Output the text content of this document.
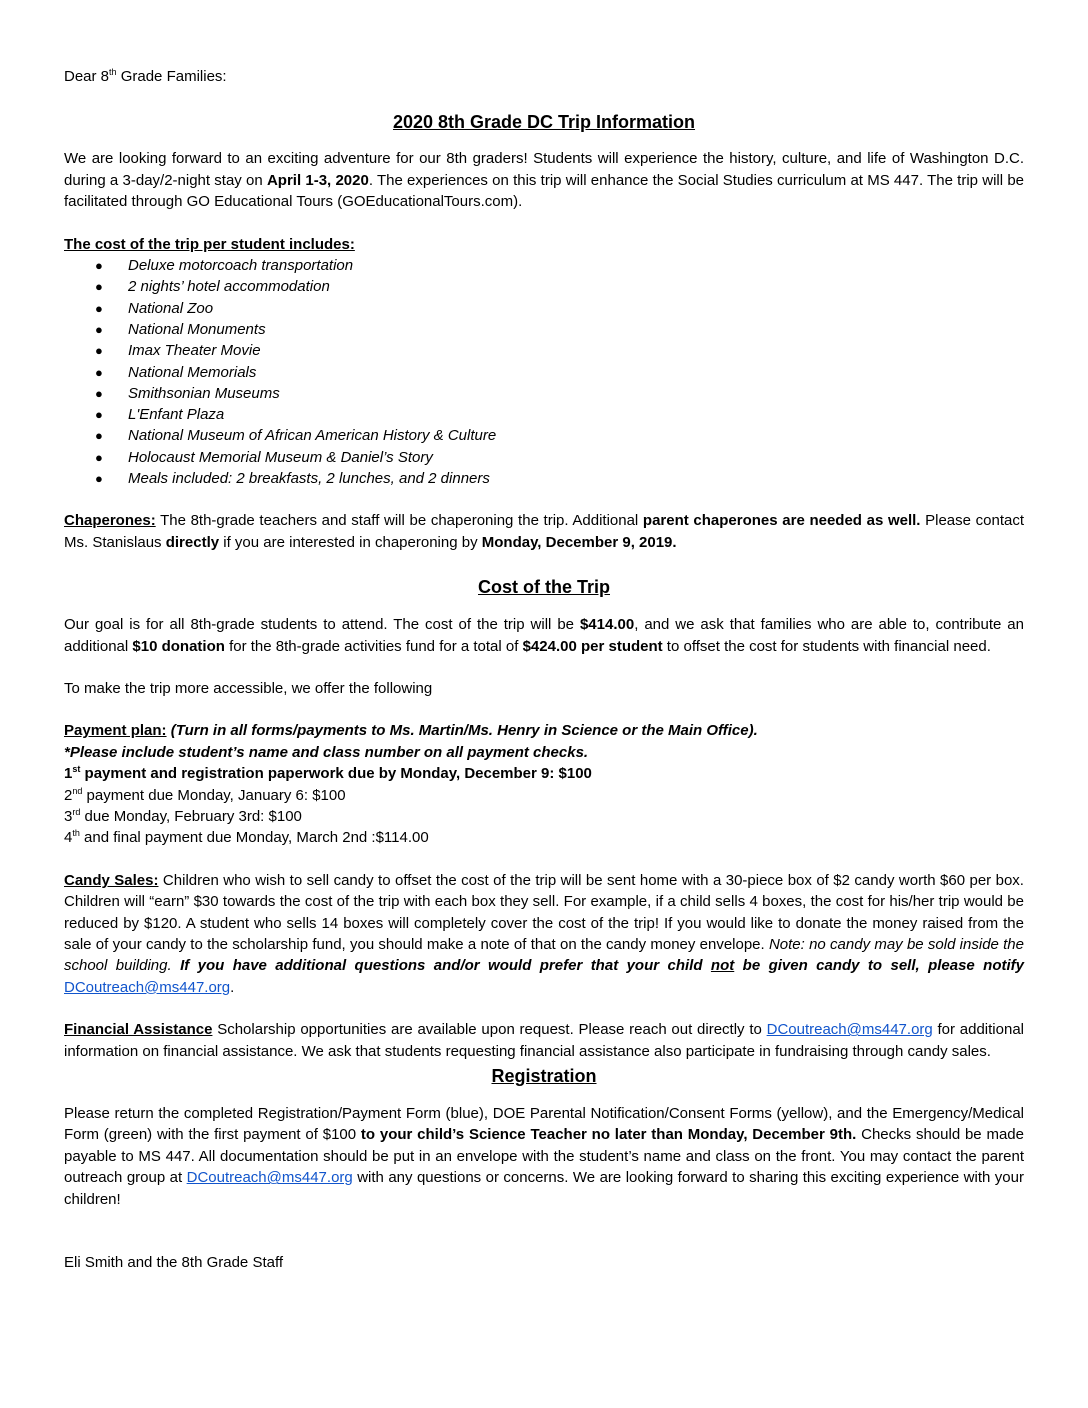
Dear 8th Grade Families:

2020 8th Grade DC Trip Information

We are looking forward to an exciting adventure for our 8th graders! Students will experience the history, culture, and life of Washington D.C. during a 3-day/2-night stay on April 1-3, 2020. The experiences on this trip will enhance the Social Studies curriculum at MS 447. The trip will be facilitated through GO Educational Tours (GOEducationalTours.com).

The cost of the trip per student includes:

● Deluxe motorcoach transportation
● 2 nights’ hotel accommodation
● National Zoo
● National Monuments
● Imax Theater Movie
● National Memorials
● Smithsonian Museums
● L'Enfant Plaza
● National Museum of African American History & Culture
● Holocaust Memorial Museum & Daniel’s Story
● Meals included: 2 breakfasts, 2 lunches, and 2 dinners

Chaperones: The 8th-grade teachers and staff will be chaperoning the trip. Additional parent chaperones are needed as well. Please contact Ms. Stanislaus directly if you are interested in chaperoning by Monday, December 9, 2019.

Cost of the Trip

Our goal is for all 8th-grade students to attend. The cost of the trip will be $414.00, and we ask that families who are able to, contribute an additional $10 donation for the 8th-grade activities fund for a total of $424.00 per student to offset the cost for students with financial need.

To make the trip more accessible, we offer the following

Payment plan: (Turn in all forms/payments to Ms. Martin/Ms. Henry in Science or the Main Office).

*Please include student’s name and class number on all payment checks.

1st payment and registration paperwork due by Monday, December 9: $100

2nd payment due Monday, January 6: $100

3rd due Monday, February 3rd: $100

4th and final payment due Monday, March 2nd :$114.00

Candy Sales: Children who wish to sell candy to offset the cost of the trip will be sent home with a 30-piece box of $2 candy worth $60 per box. Children will “earn” $30 towards the cost of the trip with each box they sell. For example, if a child sells 4 boxes, the cost for his/her trip would be reduced by $120. A student who sells 14 boxes will completely cover the cost of the trip! If you would like to donate the money raised from the sale of your candy to the scholarship fund, you should make a note of that on the candy money envelope. Note: no candy may be sold inside the school building. If you have additional questions and/or would prefer that your child not be given candy to sell, please notify DCoutreach@ms447.org.

Financial Assistance Scholarship opportunities are available upon request. Please reach out directly to DCoutreach@ms447.org for additional information on financial assistance. We ask that students requesting financial assistance also participate in fundraising through candy sales.

Registration

Please return the completed Registration/Payment Form (blue), DOE Parental Notification/Consent Forms (yellow), and the Emergency/Medical Form (green) with the first payment of $100 to your child’s Science Teacher no later than Monday, December 9th. Checks should be made payable to MS 447. All documentation should be put in an envelope with the student’s name and class on the front. You may contact the parent outreach group at DCoutreach@ms447.org with any questions or concerns. We are looking forward to sharing this exciting experience with your children!

Eli Smith and the 8th Grade Staff
